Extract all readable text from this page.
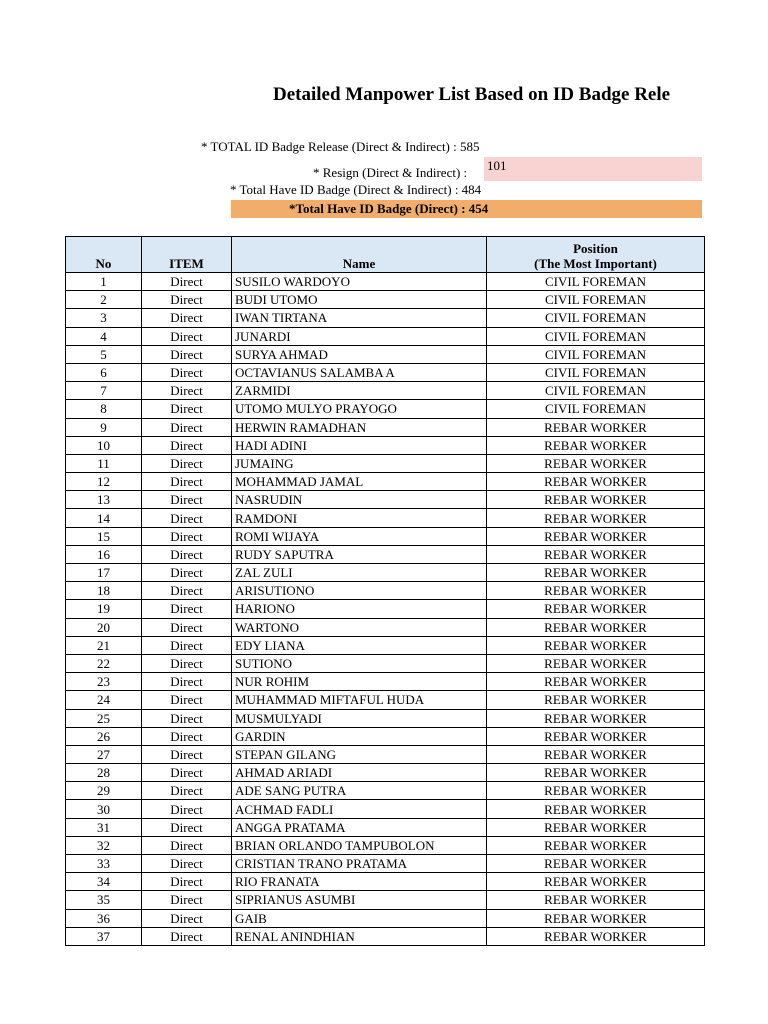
Detailed Manpower List Based on ID Badge Rele
* TOTAL ID Badge Release (Direct & Indirect) : 585
* Resign (Direct & Indirect) : 101
* Total Have ID Badge (Direct & Indirect) : 484
*Total Have ID Badge (Direct) : 454
No	ITEM	Name	Position
(The Most Important)

1	Direct	SUSILO WARDOYO	CIVIL FOREMAN
2	Direct	BUDI UTOMO	CIVIL FOREMAN
3	Direct	IWAN TIRTANA	CIVIL FOREMAN
4	Direct	JUNARDI	CIVIL FOREMAN
5	Direct	SURYA AHMAD	CIVIL FOREMAN
6	Direct	OCTAVIANUS SALAMBA A	CIVIL FOREMAN
7	Direct	ZARMIDI	CIVIL FOREMAN
8	Direct	UTOMO MULYO PRAYOGO	CIVIL FOREMAN
9	Direct	HERWIN RAMADHAN	REBAR WORKER
10	Direct	HADI ADINI	REBAR WORKER
11	Direct	JUMAING	REBAR WORKER
12	Direct	MOHAMMAD JAMAL	REBAR WORKER
13	Direct	NASRUDIN	REBAR WORKER
14	Direct	RAMDONI	REBAR WORKER
15	Direct	ROMI WIJAYA	REBAR WORKER
16	Direct	RUDY SAPUTRA	REBAR WORKER
17	Direct	ZAL ZULI	REBAR WORKER
18	Direct	ARISUTIONO	REBAR WORKER
19	Direct	HARIONO	REBAR WORKER
20	Direct	WARTONO	REBAR WORKER
21	Direct	EDY LIANA	REBAR WORKER
22	Direct	SUTIONO	REBAR WORKER
23	Direct	NUR ROHIM	REBAR WORKER
24	Direct	MUHAMMAD MIFTAFUL HUDA	REBAR WORKER
25	Direct	MUSMULYADI	REBAR WORKER
26	Direct	GARDIN	REBAR WORKER
27	Direct	STEPAN GILANG	REBAR WORKER
28	Direct	AHMAD ARIADI	REBAR WORKER
29	Direct	ADE SANG PUTRA	REBAR WORKER
30	Direct	ACHMAD FADLI	REBAR WORKER
31	Direct	ANGGA PRATAMA	REBAR WORKER
32	Direct	BRIAN ORLANDO TAMPUBOLON	REBAR WORKER
33	Direct	CRISTIAN TRANO PRATAMA	REBAR WORKER
34	Direct	RIO FRANATA	REBAR WORKER
35	Direct	SIPRIANUS ASUMBI	REBAR WORKER
36	Direct	GAIB	REBAR WORKER
37	Direct	RENAL ANINDHIAN	REBAR WORKER
